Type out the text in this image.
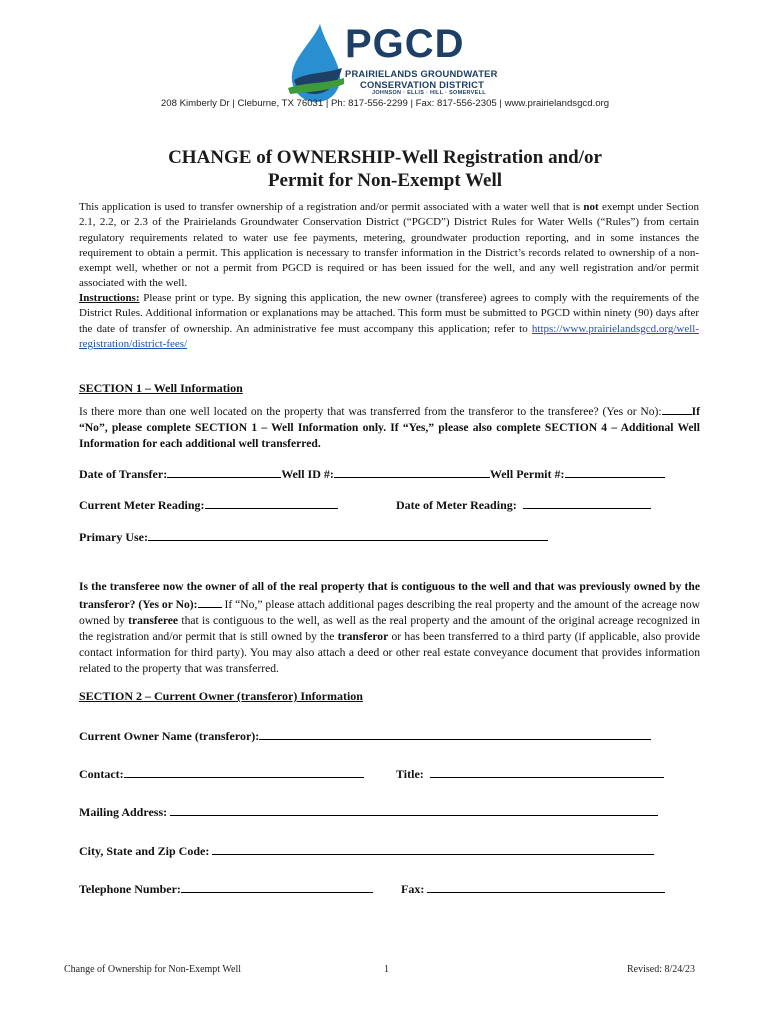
PGCD
PRAIRIELANDS GROUNDWATER
CONSERVATION DISTRICT
JOHNSON · ELLIS · HILL · SOMERVELL
208 Kimberly Dr | Cleburne, TX 76031 | Ph: 817-556-2299 | Fax: 817-556-2305 | www.prairielandsgcd.org
CHANGE of OWNERSHIP-Well Registration and/or
Permit for Non-Exempt Well
This application is used to transfer ownership of a registration and/or permit associated with a water well that is not exempt under Section 2.1, 2.2, or 2.3 of the Prairielands Groundwater Conservation District (“PGCD”) District Rules for Water Wells (“Rules”) from certain regulatory requirements related to water use fee payments, metering, groundwater production reporting, and in some instances the requirement to obtain a permit. This application is necessary to transfer information in the District’s records related to ownership of a non-exempt well, whether or not a permit from PGCD is required or has been issued for the well, and any well registration and/or permit associated with the well.
Instructions: Please print or type. By signing this application, the new owner (transferee) agrees to comply with the requirements of the District Rules. Additional information or explanations may be attached. This form must be submitted to PGCD within ninety (90) days after the date of transfer of ownership. An administrative fee must accompany this application; refer to https://www.prairielandsgcd.org/well-registration/district-fees/
SECTION 1 – Well Information
Is there more than one well located on the property that was transferred from the transferor to the transferee? (Yes or No):	If “No”, please complete SECTION 1 – Well Information only. If “Yes,” please also complete SECTION 4 – Additional Well Information for each additional well transferred.
Date of Transfer:	Well ID #:	Well Permit #:
Current Meter Reading:	Date of Meter Reading:
Primary Use:
Is the transferee now the owner of all of the real property that is contiguous to the well and that was previously owned by the transferor? (Yes or No): If “No,” please attach additional pages describing the real property and the amount of the acreage now owned by transferee that is contiguous to the well, as well as the real property and the amount of the original acreage recognized in the registration and/or permit that is still owned by the transferor or has been transferred to a third party (if applicable, also provide contact information for third party). You may also attach a deed or other real estate conveyance document that provides information related to the property that was transferred.
SECTION 2 – Current Owner (transferor) Information
Current Owner Name (transferor):
Contact:	Title:
Mailing Address:
City, State and Zip Code:
Telephone Number:	Fax:
Change of Ownership for Non-Exempt Well	1	Revised: 8/24/23
